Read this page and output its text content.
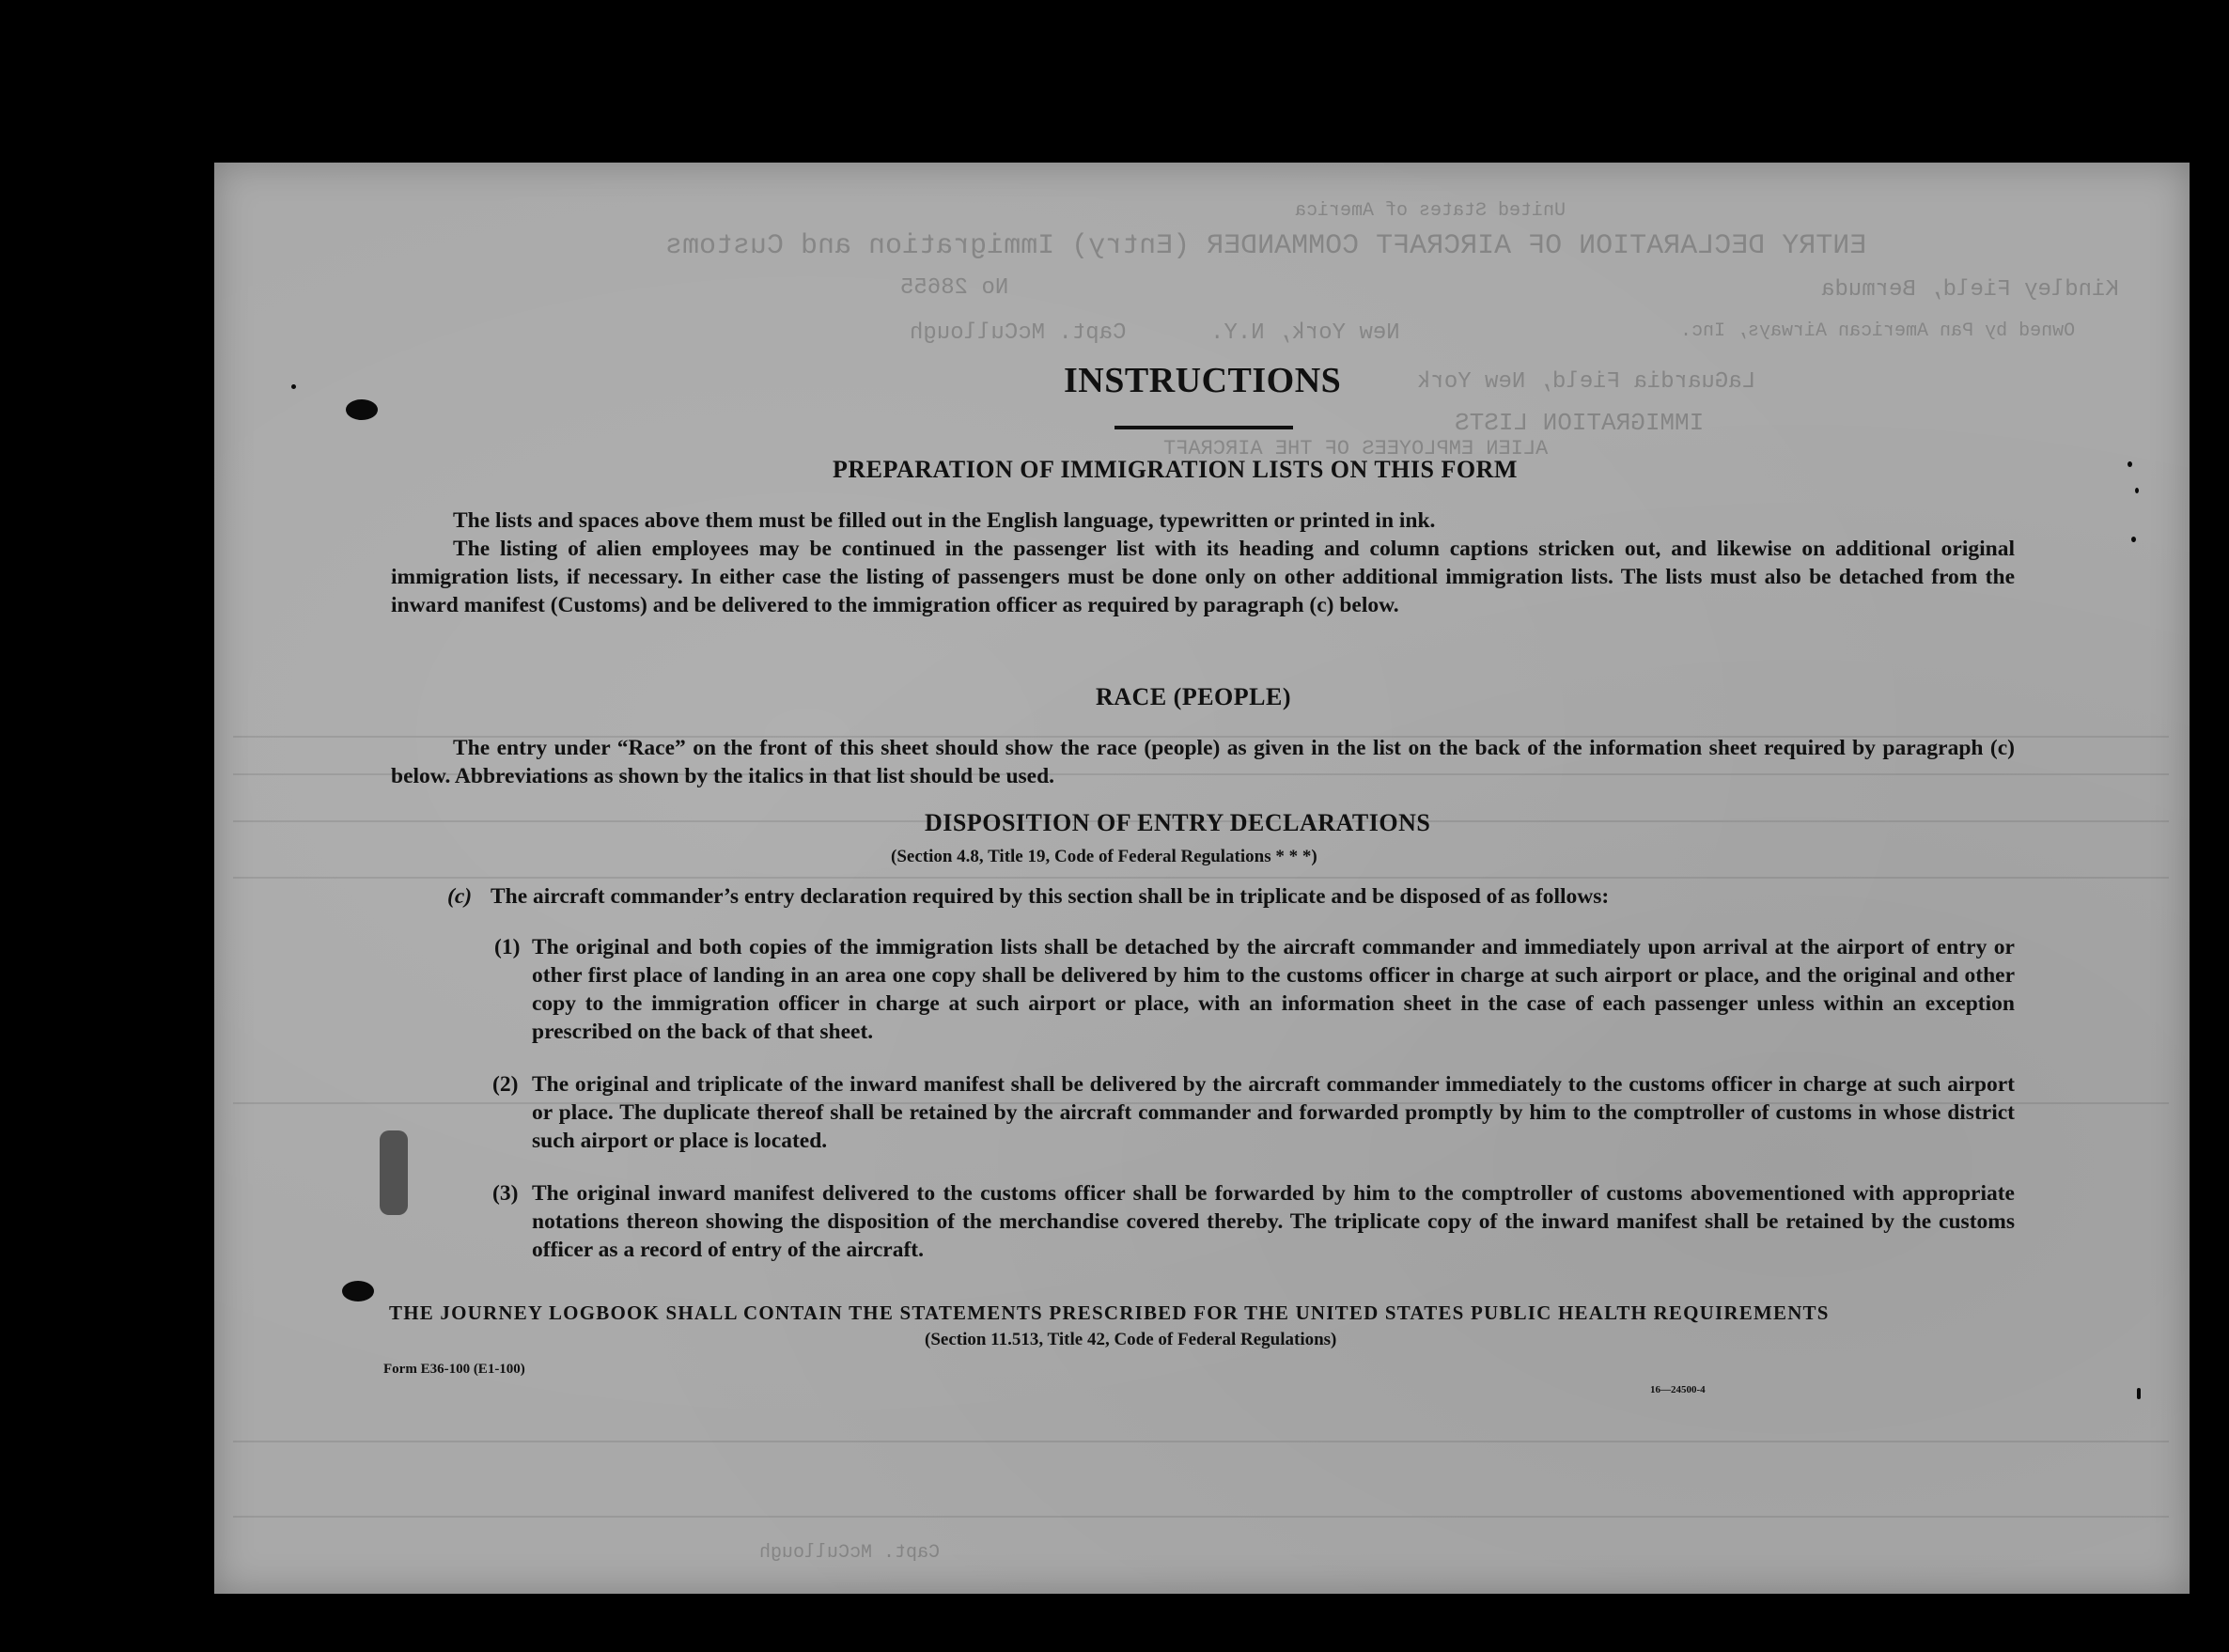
United States of America
ENTRY DECLARATION OF AIRCRAFT COMMANDER (Entry) Immigration and Customs
Kindley Field, Bermuda
No 28655
Owned by Pan American Airways, Inc.
New York, N.Y.
Capt. McCullough
LaGuardia Field, New York
IMMIGRATION LISTS
ALIEN EMPLOYEES OF THE AIRCRAFT
Capt. McCullough
INSTRUCTIONS
PREPARATION OF IMMIGRATION LISTS ON THIS FORM
The lists and spaces above them must be filled out in the English language, typewritten or printed in ink.
The listing of alien employees may be continued in the passenger list with its heading and column captions stricken out, and likewise on additional original immigration lists, if necessary. In either case the listing of passengers must be done only on other additional immigration lists. The lists must also be detached from the inward manifest (Customs) and be delivered to the immigration officer as required by paragraph (c) below.
RACE (PEOPLE)
The entry under “Race” on the front of this sheet should show the race (people) as given in the list on the back of the information sheet required by paragraph (c) below. Abbreviations as shown by the italics in that list should be used.
DISPOSITION OF ENTRY DECLARATIONS
(Section 4.8, Title 19, Code of Federal Regulations * * *)
(c) The aircraft commander’s entry declaration required by this section shall be in triplicate and be disposed of as follows:
(1) The original and both copies of the immigration lists shall be detached by the aircraft commander and immediately upon arrival at the airport of entry or other first place of landing in an area one copy shall be delivered by him to the customs officer in charge at such airport or place, and the original and other copy to the immigration officer in charge at such airport or place, with an information sheet in the case of each passenger unless within an exception prescribed on the back of that sheet.
(2) The original and triplicate of the inward manifest shall be delivered by the aircraft commander immediately to the customs officer in charge at such airport or place. The duplicate thereof shall be retained by the aircraft commander and forwarded promptly by him to the comptroller of customs in whose district such airport or place is located.
(3) The original inward manifest delivered to the customs officer shall be forwarded by him to the comptroller of customs abovementioned with appropriate notations thereon showing the disposition of the merchandise covered thereby. The triplicate copy of the inward manifest shall be retained by the customs officer as a record of entry of the aircraft.
THE JOURNEY LOGBOOK SHALL CONTAIN THE STATEMENTS PRESCRIBED FOR THE UNITED STATES PUBLIC HEALTH REQUIREMENTS
(Section 11.513, Title 42, Code of Federal Regulations)
Form E36-100 (E1-100)
16—24500-4
